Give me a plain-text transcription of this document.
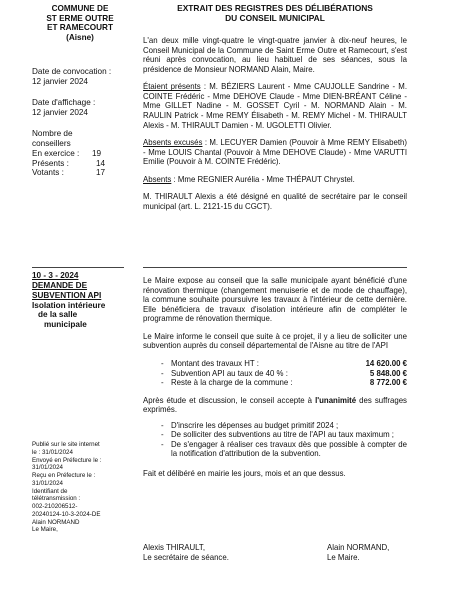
COMMUNE DE
ST ERME OUTRE
ET RAMECOURT
(Aisne)
Date de convocation :
12 janvier 2024
Date d'affichage :
12 janvier 2024
Nombre de
conseillers
En exercice :	19
Présents :	14
Votants :	17
10 - 3 - 2024
DEMANDE DE
SUBVENTION API
Isolation intérieure
de la salle
municipale
Publié sur le site internet
le : 31/01/2024
Envoyé en Préfecture le :
31/01/2024
Reçu en Préfecture le :
31/01/2024
Identifiant de
télétransmission :
002-210206512-
20240124-10-3-2024-DE
Alain NORMAND
Le Maire,
EXTRAIT DES REGISTRES DES DÉLIBÉRATIONS
DU CONSEIL MUNICIPAL

L'an deux mille vingt-quatre le vingt-quatre janvier à dix-neuf heures, le Conseil Municipal de la Commune de Saint Erme Outre et Ramecourt, s'est réuni après convocation, au lieu habituel de ses séances, sous la présidence de Monsieur NORMAND Alain, Maire.

Étaient présents : M. BÉZIERS Laurent - Mme CAUJOLLE Sandrine - M. COINTE Frédéric - Mme DEHOVE Claude - Mme DIEN-BRÉANT Céline - Mme GILLET Nadine - M. GOSSET Cyril - M. NORMAND Alain - M. RAULIN Patrick - Mme REMY Élisabeth - M. REMY Michel - M. THIRAULT Alexis - M. THIRAULT Damien - M. UGOLETTI Olivier.

Absents excusés : M. LECUYER Damien (Pouvoir à Mme REMY Elisabeth) - Mme LOUIS Chantal (Pouvoir à Mme DEHOVE Claude) - Mme VARUTTI Emilie (Pouvoir à M. COINTE Frédéric).

Absents : Mme REGNIER Aurélia - Mme THÉPAUT Chrystel.

M. THIRAULT Alexis a été désigné en qualité de secrétaire par le conseil municipal (art. L. 2121-15 du CGCT).

Le Maire expose au conseil que la salle municipale ayant bénéficié d'une rénovation thermique (changement menuiserie et de mode de chauffage), la commune souhaite poursuivre les travaux à l'intérieur de cette dernière. Elle bénéficiera de travaux d'isolation intérieure afin de compléter le programme de rénovation thermique.

Le Maire informe le conseil que suite à ce projet, il y a lieu de solliciter une subvention auprès du conseil départemental de l'Aisne au titre de l'API

- Montant des travaux HT :	14 620.00 €
- Subvention API au taux de 40 % :	5 848.00 €
- Reste à la charge de la commune :	8 772.00 €

Après étude et discussion, le conseil accepte à l'unanimité des suffrages exprimés.

- D'inscrire les dépenses au budget primitif 2024 ;
- De solliciter des subventions au titre de l'API au taux maximum ;
- De s'engager à réaliser ces travaux dès que possible à compter de la notification d'attribution de la subvention.

Fait et délibéré en mairie les jours, mois et an que dessus.

Alexis THIRAULT,
Le secrétaire de séance.
Alain NORMAND,
Le Maire.
